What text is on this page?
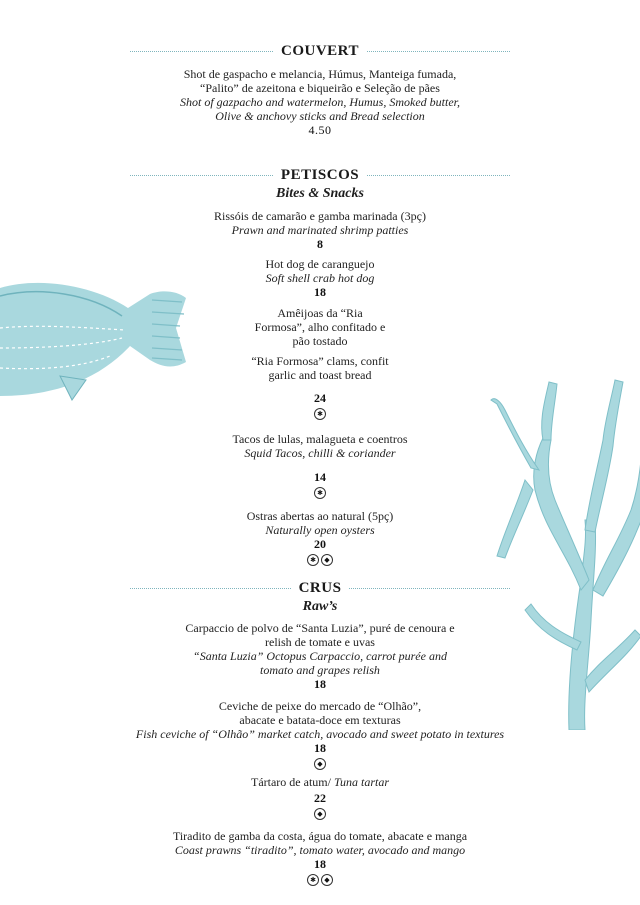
COUVERT
Shot de gaspacho e melancia, Húmus, Manteiga fumada,
“Palito” de azeitona e biqueirão e Seleção de pães
Shot of gazpacho and watermelon, Humus, Smoked butter,
Olive & anchovy sticks and Bread selection
4.50
PETISCOS
Bites & Snacks
Rissóis de camarão e gamba marinada (3pç)
Prawn and marinated shrimp patties
8
Hot dog de caranguejo
Soft shell crab hot dog
18
Amêijoas da “Ria
Formosa”, alho confitado e
pão tostado
“Ria Formosa” clams, confit
garlic and toast bread
24
✱
Tacos de lulas, malagueta e coentros
Squid Tacos, chilli & coriander
14
✱
Ostras abertas ao natural (5pç)
Naturally open oysters
20
✱	◆
CRUS
Raw’s
Carpaccio de polvo de “Santa Luzia”, puré de cenoura e
relish de tomate e uvas
“Santa Luzia” Octopus Carpaccio, carrot purée and
tomato and grapes relish
18
Ceviche de peixe do mercado de “Olhão”,
abacate e batata-doce em texturas
Fish ceviche of “Olhão” market catch, avocado and sweet potato in textures
18
◆
Tártaro de atum/ Tuna tartar
22
◆
Tiradito de gamba da costa, água do tomate, abacate e manga
Coast prawns “tiradito”, tomato water, avocado and mango
18
✱	◆
